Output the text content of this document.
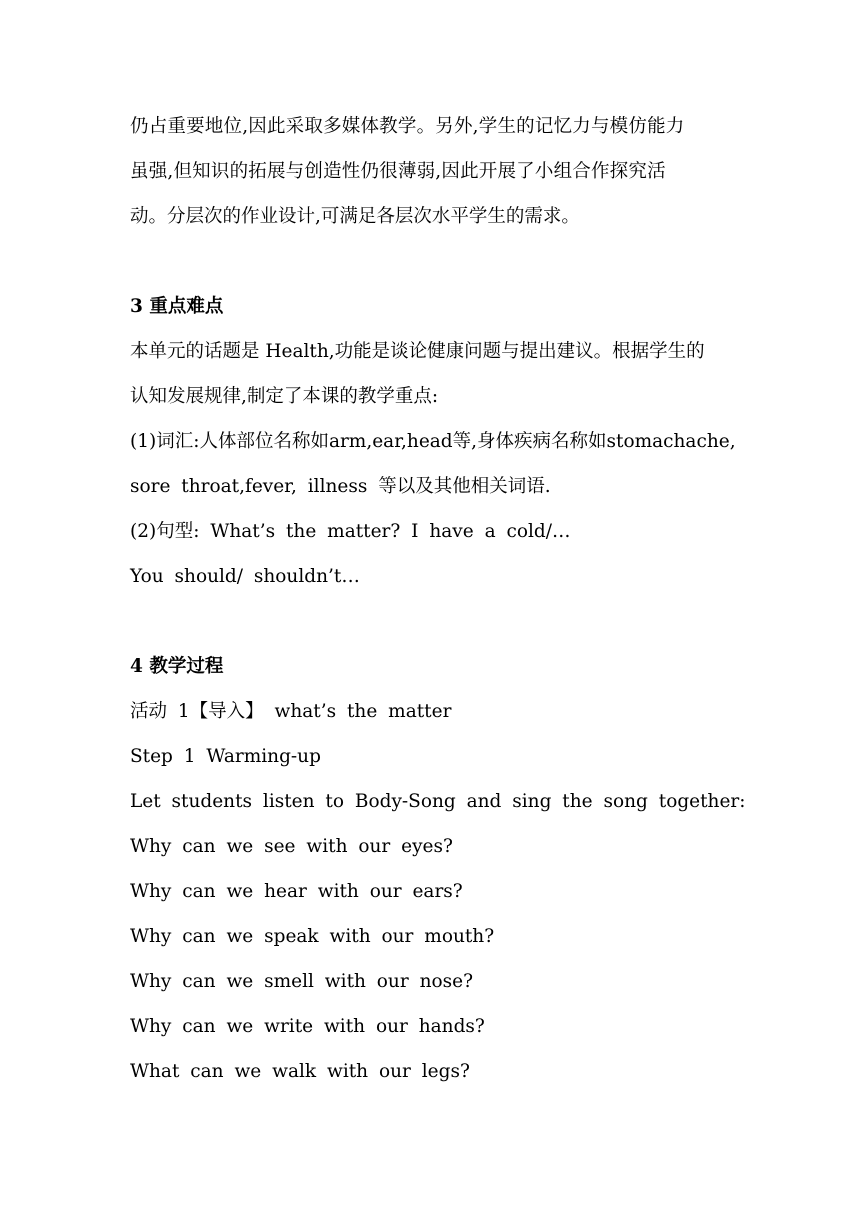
仍占重要地位,因此采取多媒体教学。另外,学生的记忆力与模仿能力
虽强,但知识的拓展与创造性仍很薄弱,因此开展了小组合作探究活
动。分层次的作业设计,可满足各层次水平学生的需求。
3 重点难点
本单元的话题是 Health,功能是谈论健康问题与提出建议。根据学生的
认知发展规律,制定了本课的教学重点:
(1)词汇:人体部位名称如arm,ear,head等,身体疾病名称如stomachache,
sore throat,fever, illness 等以及其他相关词语.
(2)句型: What’s the matter? I have a cold/…
You should/ shouldn’t…
4 教学过程
活动 1【导入】 what’s the matter
Step 1 Warming-up
Let students listen to Body-Song and sing the song together:
Why can we see with our eyes?
Why can we hear with our ears?
Why can we speak with our mouth?
Why can we smell with our nose?
Why can we write with our hands?
What can we walk with our legs?
